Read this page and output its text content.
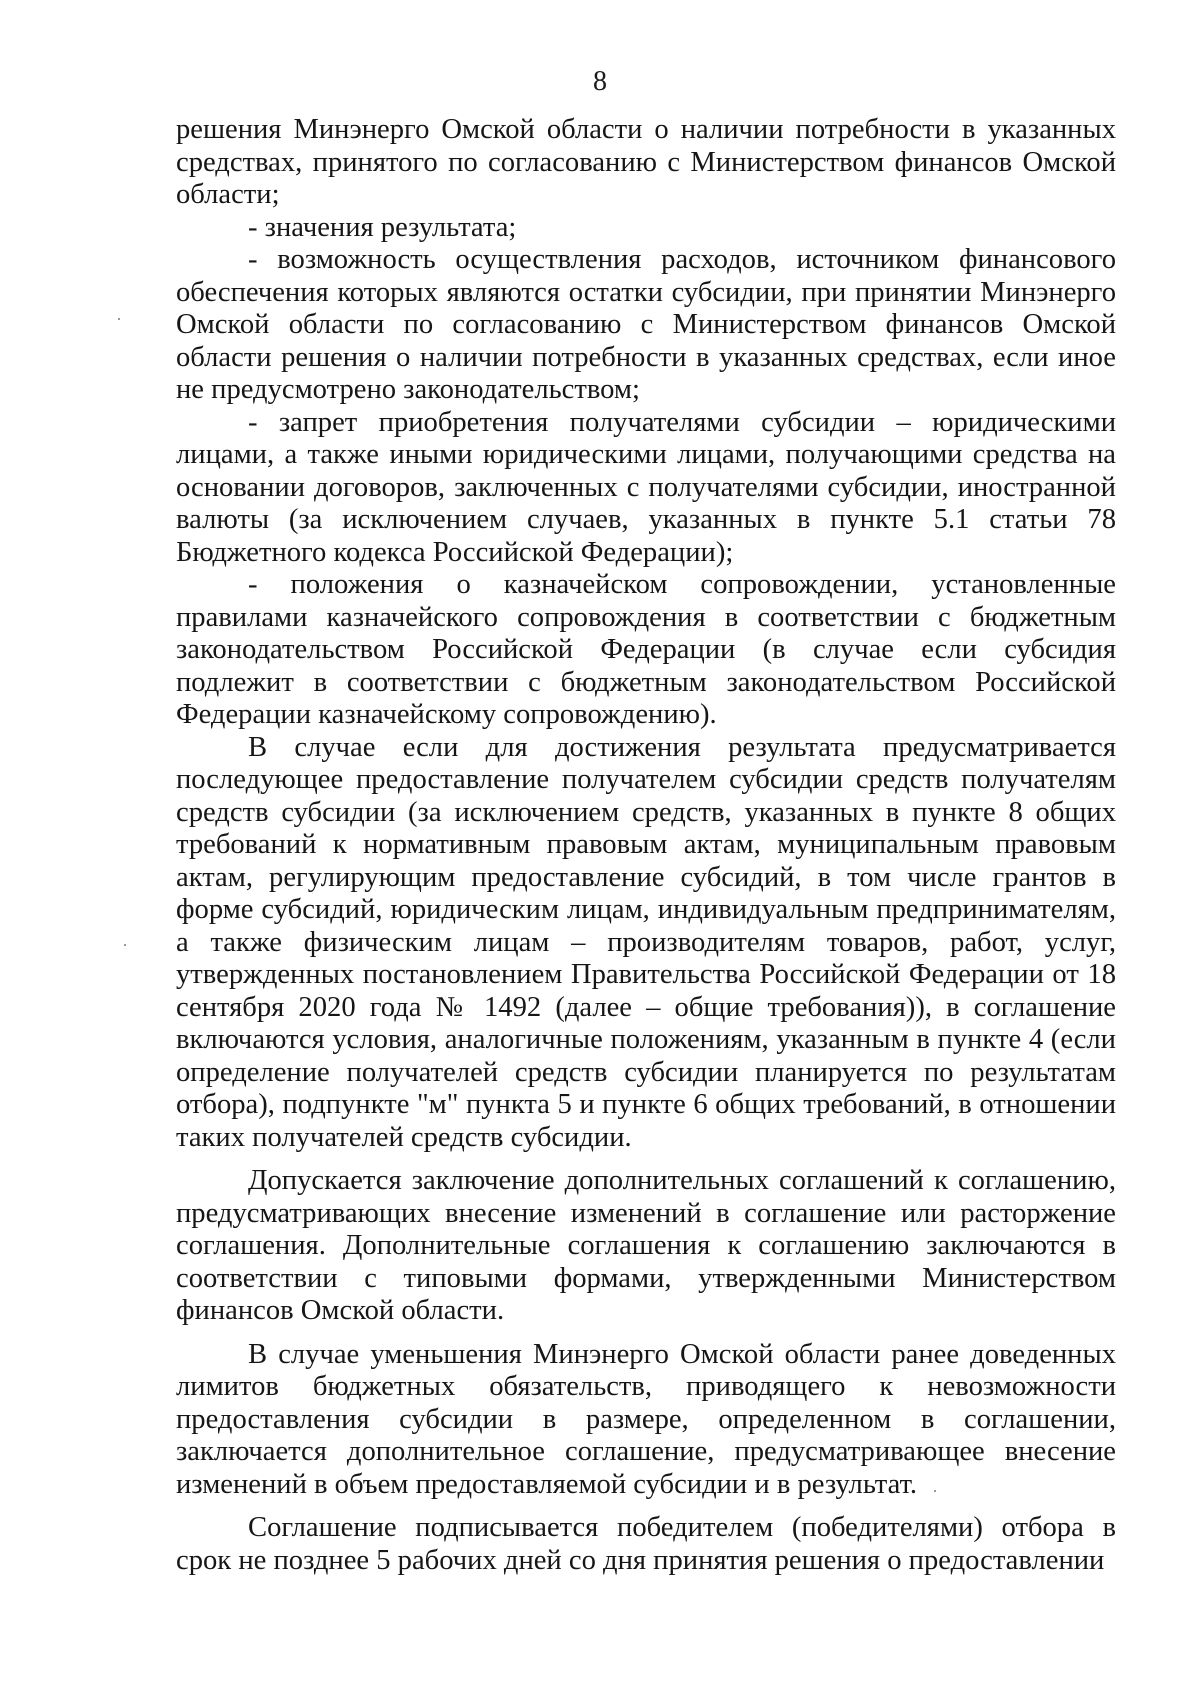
8

решения Минэнерго Омской области о наличии потребности в указанных средствах, принятого по согласованию с Министерством финансов Омской области;

- значения результата;

- возможность осуществления расходов, источником финансового обеспечения которых являются остатки субсидии, при принятии Минэнерго Омской области по согласованию с Министерством финансов Омской области решения о наличии потребности в указанных средствах, если иное не предусмотрено законодательством;

- запрет приобретения получателями субсидии – юридическими лицами, а также иными юридическими лицами, получающими средства на основании договоров, заключенных с получателями субсидии, иностранной валюты (за исключением случаев, указанных в пункте 5.1 статьи 78 Бюджетного кодекса Российской Федерации);

- положения о казначейском сопровождении, установленные правилами казначейского сопровождения в соответствии с бюджетным законодательством Российской Федерации (в случае если субсидия подлежит в соответствии с бюджетным законодательством Российской Федерации казначейскому сопровождению).

В случае если для достижения результата предусматривается последующее предоставление получателем субсидии средств получателям средств субсидии (за исключением средств, указанных в пункте 8 общих требований к нормативным правовым актам, муниципальным правовым актам, регулирующим предоставление субсидий, в том числе грантов в форме субсидий, юридическим лицам, индивидуальным предпринимателям, а также физическим лицам – производителям товаров, работ, услуг, утвержденных постановлением Правительства Российской Федерации от 18 сентября 2020 года № 1492 (далее – общие требования)), в соглашение включаются условия, аналогичные положениям, указанным в пункте 4 (если определение получателей средств субсидии планируется по результатам отбора), подпункте "м" пункта 5 и пункте 6 общих требований, в отношении таких получателей средств субсидии.

Допускается заключение дополнительных соглашений к соглашению, предусматривающих внесение изменений в соглашение или расторжение соглашения. Дополнительные соглашения к соглашению заключаются в соответствии с типовыми формами, утвержденными Министерством финансов Омской области.

В случае уменьшения Минэнерго Омской области ранее доведенных лимитов бюджетных обязательств, приводящего к невозможности предоставления субсидии в размере, определенном в соглашении, заключается дополнительное соглашение, предусматривающее внесение изменений в объем предоставляемой субсидии и в результат.

Соглашение подписывается победителем (победителями) отбора в срок не позднее 5 рабочих дней со дня принятия решения о предоставлении
